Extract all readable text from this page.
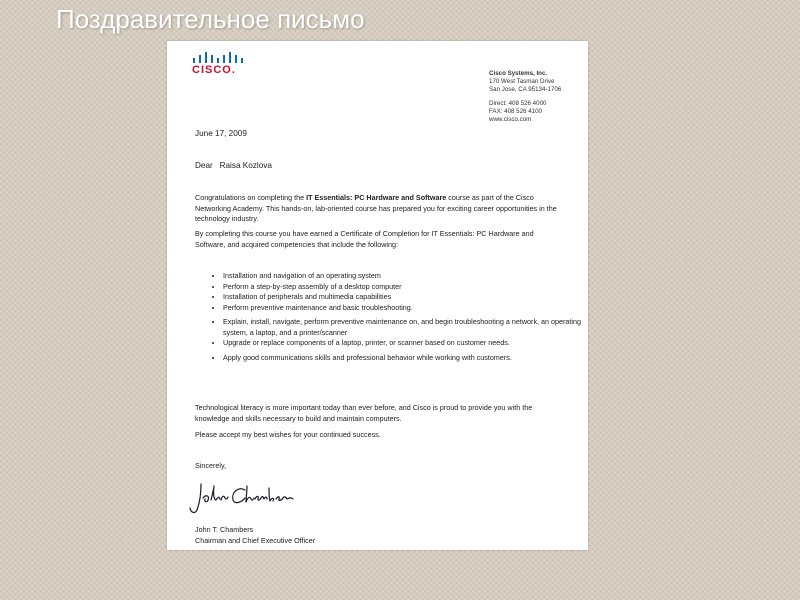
Поздравительное письмо
CISCO.	Cisco Systems, Inc.
170 West Tasman Drive
San Jose, CA 95134-1706
Direct: 408 526 4000
FAX: 408 526 4100
www.cisco.com
June 17, 2009
Dear   Raisa Kozlova
Congratulations on completing the IT Essentials: PC Hardware and Software course as part of the Cisco Networking Academy. This hands-on, lab-oriented course has prepared you for exciting career opportunities in the technology industry.
By completing this course you have earned a Certificate of Completion for IT Essentials: PC Hardware and Software, and acquired competencies that include the following:
• Installation and navigation of an operating system
• Perform a step-by-step assembly of a desktop computer
• Installation of peripherals and multimedia capabilities
• Perform preventive maintenance and basic troubleshooting.
• Explain, install, navigate, perform preventive maintenance on, and begin troubleshooting a network, an operating system, a laptop, and a printer/scanner
• Upgrade or replace components of a laptop, printer, or scanner based on customer needs.
• Apply good communications skills and professional behavior while working with customers.
Technological literacy is more important today than ever before, and Cisco is proud to provide you with the knowledge and skills necessary to build and maintain computers.
Please accept my best wishes for your continued success.
Sincerely,
John T. Chambers
Chairman and Chief Executive Officer
